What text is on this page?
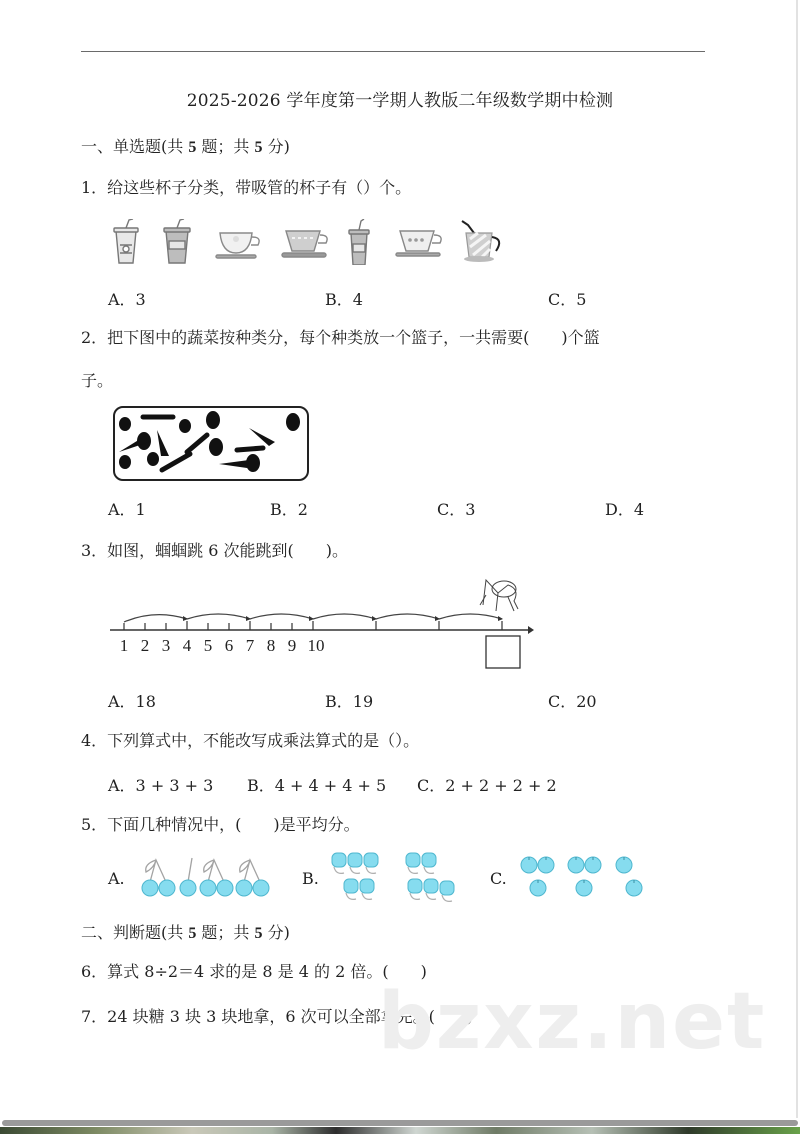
2025-2026 学年度第一学期人教版二年级数学期中检测
一、单选题(共 5 题；共 5 分)
1．给这些杯子分类，带吸管的杯子有（）个。
A．3	B．4	C．5
2．把下图中的蔬菜按种类分，每个种类放一个篮子，一共需要(　　)个篮
子。
A．1	B．2	C．3	D．4
3．如图，蝈蝈跳 6 次能跳到(　　)。
1 2 3 4 5 6 7 8 9 10
A．18	B．19	C．20
4．下列算式中，不能改写成乘法算式的是（）。
A．3 + 3 + 3 B．4 + 4 + 4 + 5 C．2 + 2 + 2 + 2
5．下面几种情况中，(　　)是平均分。
A.	B.	C.
二、判断题(共 5 题；共 5 分)
6．算式 8÷2＝4 求的是 8 是 4 的 2 倍。(　　)
7．24 块糖 3 块 3 块地拿，6 次可以全部拿完。(　　)
bzxz.net
